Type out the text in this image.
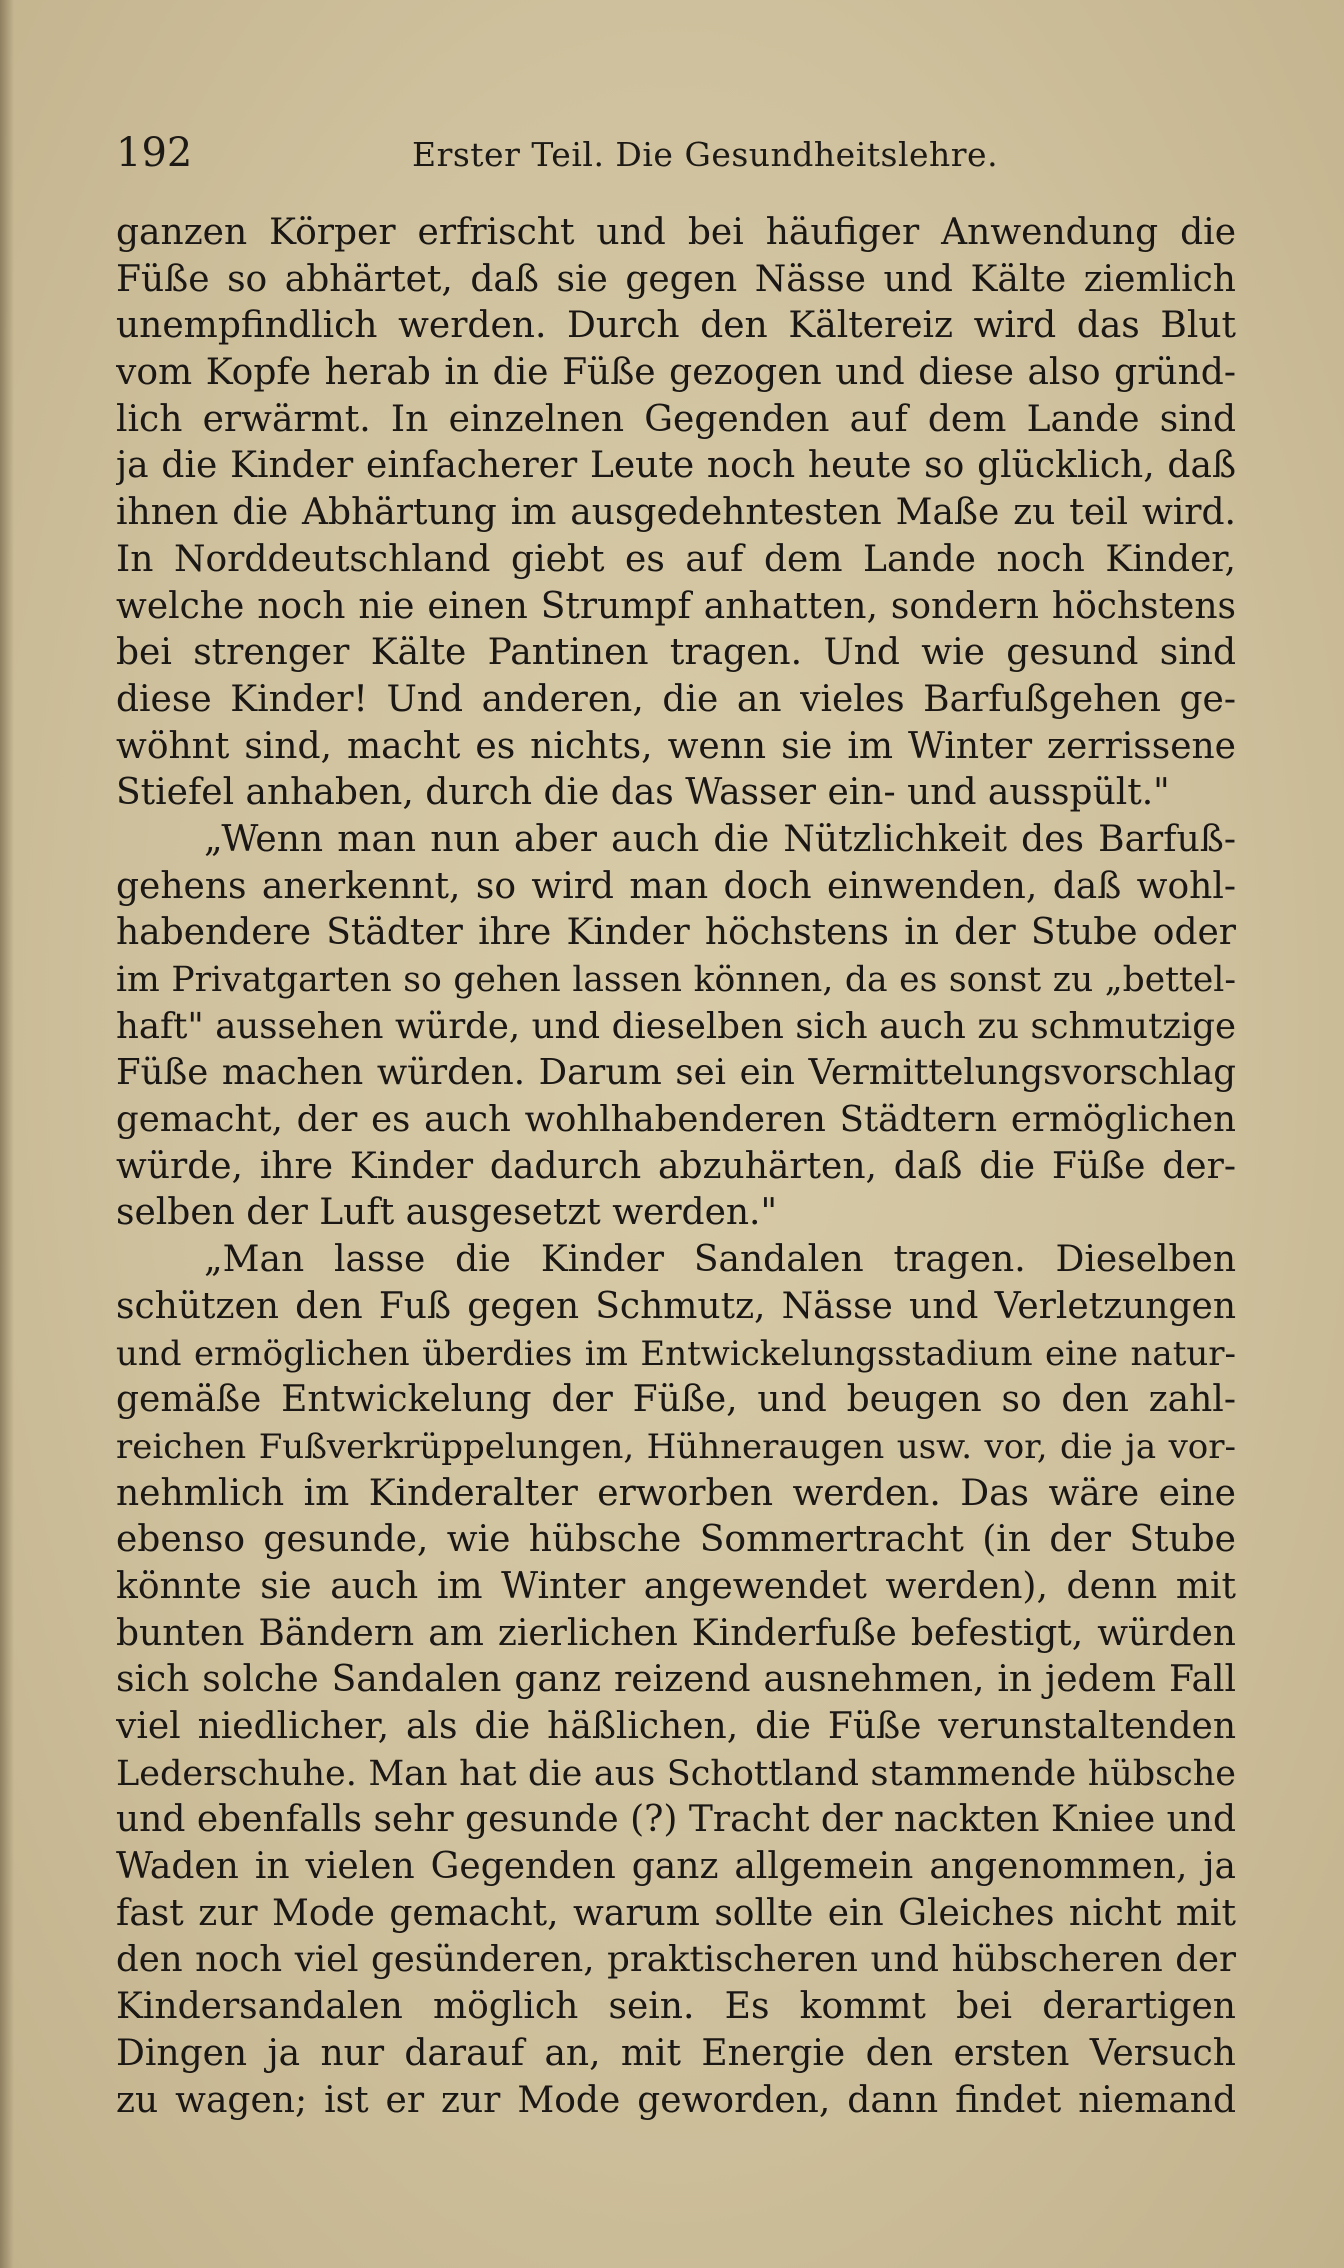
192	Erster Teil. Die Gesundheitslehre.
ganzen Körper erfrischt und bei häufiger Anwendung die
Füße so abhärtet, daß sie gegen Nässe und Kälte ziemlich
unempfindlich werden. Durch den Kältereiz wird das Blut
vom Kopfe herab in die Füße gezogen und diese also gründ-
lich erwärmt. In einzelnen Gegenden auf dem Lande sind
ja die Kinder einfacherer Leute noch heute so glücklich, daß
ihnen die Abhärtung im ausgedehntesten Maße zu teil wird.
In Norddeutschland giebt es auf dem Lande noch Kinder,
welche noch nie einen Strumpf anhatten, sondern höchstens
bei strenger Kälte Pantinen tragen. Und wie gesund sind
diese Kinder! Und anderen, die an vieles Barfußgehen ge-
wöhnt sind, macht es nichts, wenn sie im Winter zerrissene
Stiefel anhaben, durch die das Wasser ein- und ausspült."
„Wenn man nun aber auch die Nützlichkeit des Barfuß-
gehens anerkennt, so wird man doch einwenden, daß wohl-
habendere Städter ihre Kinder höchstens in der Stube oder
im Privatgarten so gehen lassen können, da es sonst zu „bettel-
haft" aussehen würde, und dieselben sich auch zu schmutzige
Füße machen würden. Darum sei ein Vermittelungsvorschlag
gemacht, der es auch wohlhabenderen Städtern ermöglichen
würde, ihre Kinder dadurch abzuhärten, daß die Füße der-
selben der Luft ausgesetzt werden."
„Man lasse die Kinder Sandalen tragen. Dieselben
schützen den Fuß gegen Schmutz, Nässe und Verletzungen
und ermöglichen überdies im Entwickelungsstadium eine natur-
gemäße Entwickelung der Füße, und beugen so den zahl-
reichen Fußverkrüppelungen, Hühneraugen usw. vor, die ja vor-
nehmlich im Kinderalter erworben werden. Das wäre eine
ebenso gesunde, wie hübsche Sommertracht (in der Stube
könnte sie auch im Winter angewendet werden), denn mit
bunten Bändern am zierlichen Kinderfuße befestigt, würden
sich solche Sandalen ganz reizend ausnehmen, in jedem Fall
viel niedlicher, als die häßlichen, die Füße verunstaltenden
Lederschuhe. Man hat die aus Schottland stammende hübsche
und ebenfalls sehr gesunde (?) Tracht der nackten Kniee und
Waden in vielen Gegenden ganz allgemein angenommen, ja
fast zur Mode gemacht, warum sollte ein Gleiches nicht mit
den noch viel gesünderen, praktischeren und hübscheren der
Kindersandalen möglich sein. Es kommt bei derartigen
Dingen ja nur darauf an, mit Energie den ersten Versuch
zu wagen; ist er zur Mode geworden, dann findet niemand
